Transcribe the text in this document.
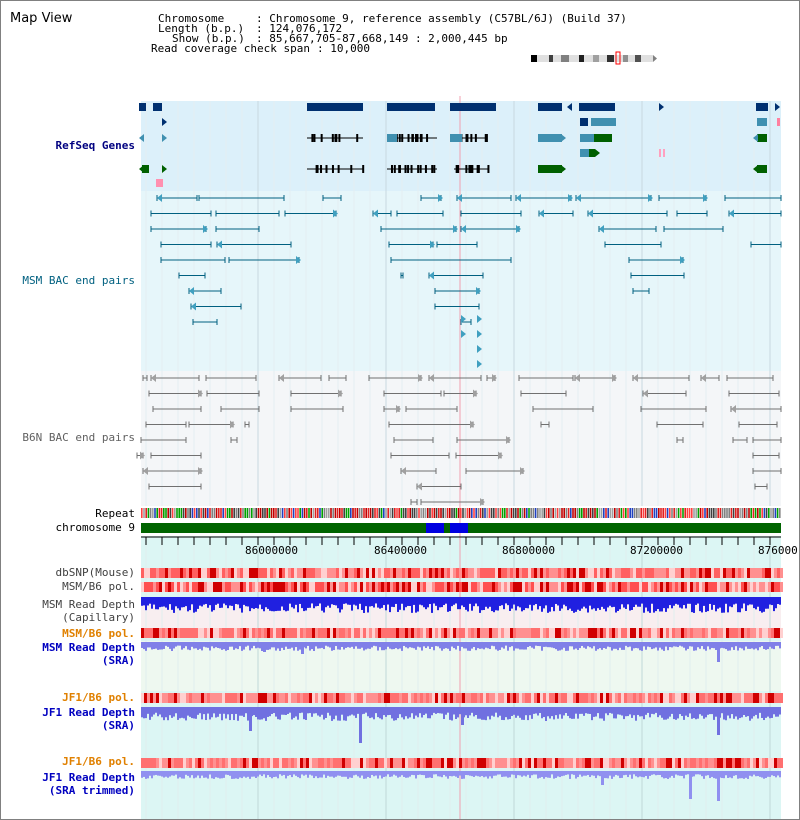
Map View	Chromosome	: Chromosome 9, reference assembly (C57BL/6J) (Build 37)
Length (b.p.) : 124,076,172
Show (b.p.) : 85,667,705-87,668,149 : 2,000,445 bp
Read coverage check span : 10,000
RefSeq Genes
MSM BAC end pairs
B6N BAC end pairs
Repeat
chromosome 9
dbSNP(Mouse)
MSM/B6 pol.
MSM Read Depth
(Capillary)
MSM/B6 pol.
MSM Read Depth
(SRA)
JF1/B6 pol.
JF1 Read Depth
(SRA)
JF1/B6 pol.
JF1 Read Depth
(SRA trimmed)
86000000	86400000	86800000	87200000	876000
